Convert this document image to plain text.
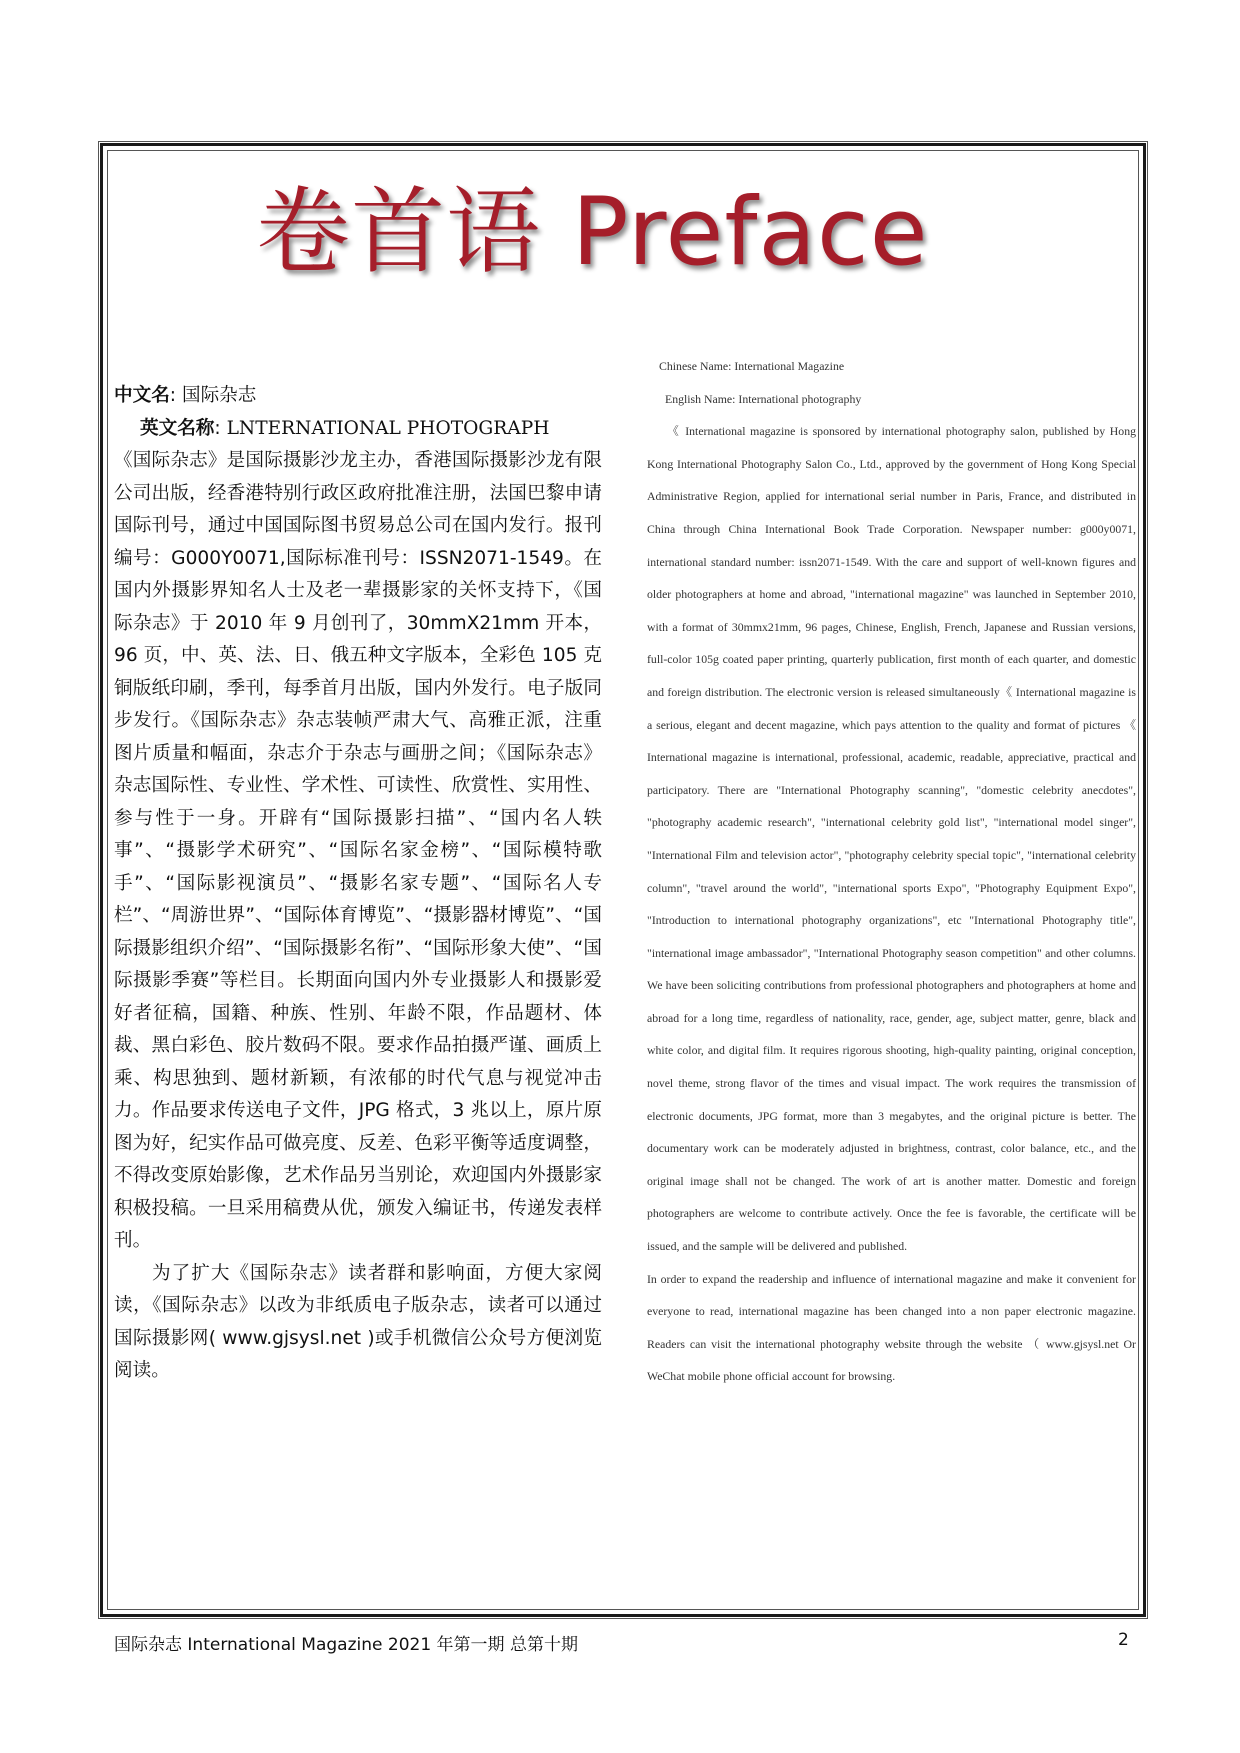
卷首语 Preface

中文名: 国际杂志

英文名称: LNTERNATIONAL PHOTOGRAPH

《国际杂志》是国际摄影沙龙主办，香港国际摄影沙龙有限公司出版，经香港特别行政区政府批准注册，法国巴黎申请国际刊号，通过中国国际图书贸易总公司在国内发行。报刊编号：G000Y0071,国际标准刊号：ISSN2071-1549。在国内外摄影界知名人士及老一辈摄影家的关怀支持下，《国际杂志》于 2010 年 9 月创刊了，30mmX21mm 开本，96 页，中、英、法、日、俄五种文字版本，全彩色 105 克铜版纸印刷，季刊，每季首月出版，国内外发行。电子版同步发行。《国际杂志》杂志装帧严肃大气、高雅正派，注重图片质量和幅面，杂志介于杂志与画册之间；《国际杂志》杂志国际性、专业性、学术性、可读性、欣赏性、实用性、参与性于一身。开辟有“国际摄影扫描”、“国内名人轶事”、“摄影学术研究”、“国际名家金榜”、“国际模特歌手”、“国际影视演员”、“摄影名家专题”、“国际名人专栏”、“周游世界”、“国际体育博览”、“摄影器材博览”、“国际摄影组织介绍”、“国际摄影名衔”、“国际形象大使”、“国际摄影季赛”等栏目。长期面向国内外专业摄影人和摄影爱好者征稿，国籍、种族、性别、年龄不限，作品题材、体裁、黑白彩色、胶片数码不限。要求作品拍摄严谨、画质上乘、构思独到、题材新颖，有浓郁的时代气息与视觉冲击力。作品要求传送电子文件，JPG 格式，3 兆以上，原片原图为好，纪实作品可做亮度、反差、色彩平衡等适度调整，不得改变原始影像，艺术作品另当别论，欢迎国内外摄影家积极投稿。一旦采用稿费从优，颁发入编证书，传递发表样刊。

为了扩大《国际杂志》读者群和影响面，方便大家阅读，《国际杂志》以改为非纸质电子版杂志，读者可以通过国际摄影网( www.gjsysl.net )或手机微信公众号方便浏览阅读。

Chinese Name: International Magazine

English Name: International photography

《 International magazine is sponsored by international photography salon, published by Hong Kong International Photography Salon Co., Ltd., approved by the government of Hong Kong Special Administrative Region, applied for international serial number in Paris, France, and distributed in China through China International Book Trade Corporation. Newspaper number: g000y0071, international standard number: issn2071-1549. With the care and support of well-known figures and older photographers at home and abroad, "international magazine" was launched in September 2010, with a format of 30mmx21mm, 96 pages, Chinese, English, French, Japanese and Russian versions, full-color 105g coated paper printing, quarterly publication, first month of each quarter, and domestic and foreign distribution. The electronic version is released simultaneously《 International magazine is a serious, elegant and decent magazine, which pays attention to the quality and format of pictures 《 International magazine is international, professional, academic, readable, appreciative, practical and participatory. There are "International Photography scanning", "domestic celebrity anecdotes", "photography academic research", "international celebrity gold list", "international model singer", "International Film and television actor", "photography celebrity special topic", "international celebrity column", "travel around the world", "international sports Expo", "Photography Equipment Expo", "Introduction to international photography organizations", etc "International Photography title", "international image ambassador", "International Photography season competition" and other columns. We have been soliciting contributions from professional photographers and photographers at home and abroad for a long time, regardless of nationality, race, gender, age, subject matter, genre, black and white color, and digital film. It requires rigorous shooting, high-quality painting, original conception, novel theme, strong flavor of the times and visual impact. The work requires the transmission of electronic documents, JPG format, more than 3 megabytes, and the original picture is better. The documentary work can be moderately adjusted in brightness, contrast, color balance, etc., and the original image shall not be changed. The work of art is another matter. Domestic and foreign photographers are welcome to contribute actively. Once the fee is favorable, the certificate will be issued, and the sample will be delivered and published.

In order to expand the readership and influence of international magazine and make it convenient for everyone to read, international magazine has been changed into a non paper electronic magazine. Readers can visit the international photography website through the website （ www.gjsysl.net Or WeChat mobile phone official account for browsing.

国际杂志 International Magazine 2021 年第一期 总第十期	2
